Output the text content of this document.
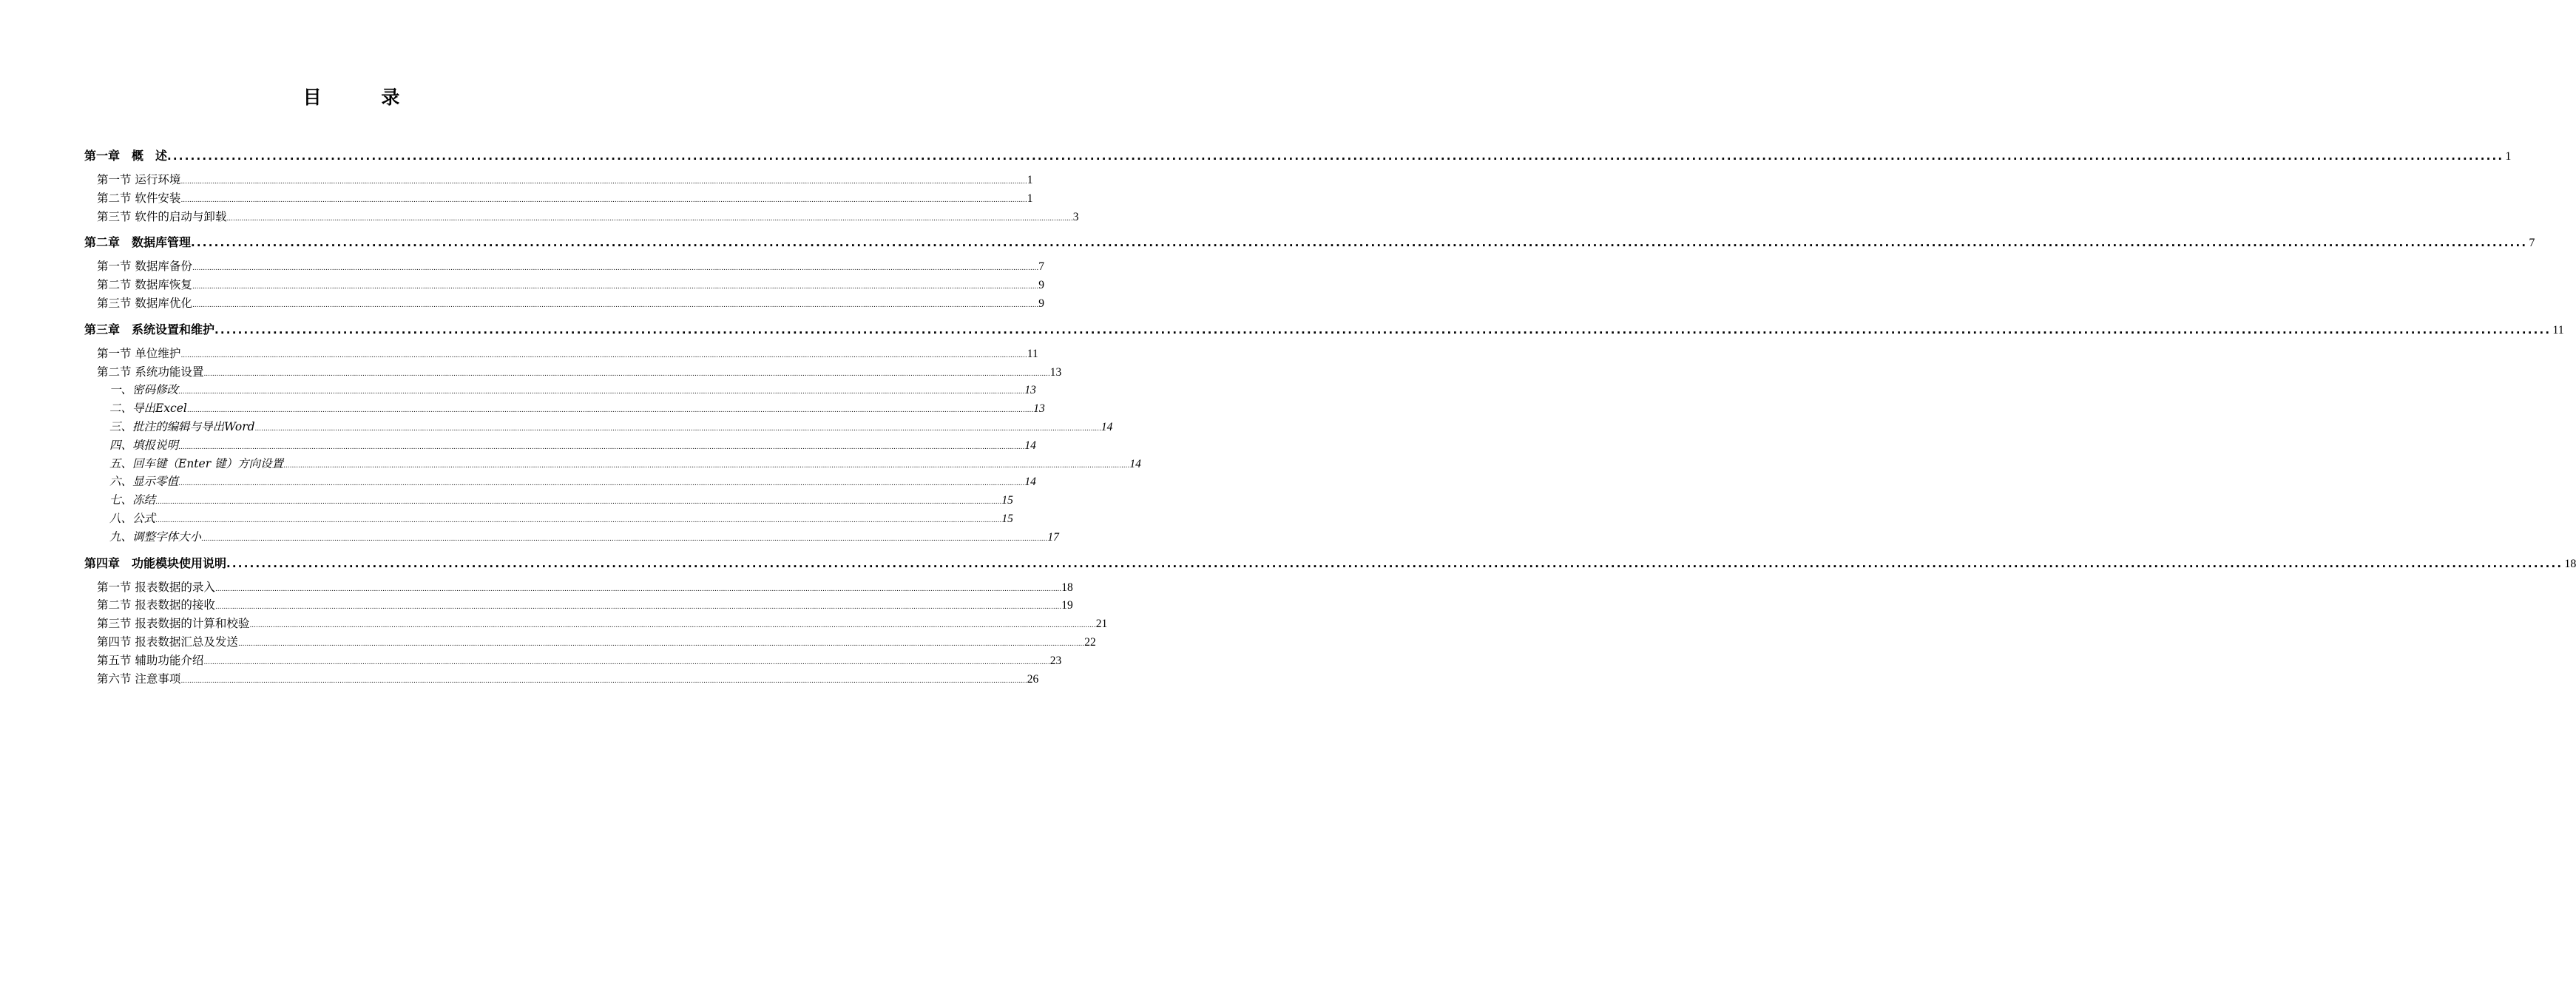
目 录
第一章　概　述 ................................................................................................................................................................................................................................................................................................................................................................................................................ 1
第一节 运行环境 ................................................................................................................................................................................................................................................................................................................................................................................................................ 1
第二节 软件安装 ................................................................................................................................................................................................................................................................................................................................................................................................................ 1
第三节 软件的启动与卸载 ................................................................................................................................................................................................................................................................................................................................................................................................................ 3
第二章　数据库管理 ................................................................................................................................................................................................................................................................................................................................................................................................................ 7
第一节 数据库备份 ................................................................................................................................................................................................................................................................................................................................................................................................................ 7
第二节 数据库恢复 ................................................................................................................................................................................................................................................................................................................................................................................................................ 9
第三节 数据库优化 ................................................................................................................................................................................................................................................................................................................................................................................................................ 9
第三章　系统设置和维护 ................................................................................................................................................................................................................................................................................................................................................................................................................ 11
第一节 单位维护 ................................................................................................................................................................................................................................................................................................................................................................................................................ 11
第二节 系统功能设置 ................................................................................................................................................................................................................................................................................................................................................................................................................ 13
一、密码修改 ................................................................................................................................................................................................................................................................................................................................................................................................................ 13
二、导出Excel ................................................................................................................................................................................................................................................................................................................................................................................................................ 13
三、批注的编辑与导出Word ................................................................................................................................................................................................................................................................................................................................................................................................................ 14
四、填报说明 ................................................................................................................................................................................................................................................................................................................................................................................................................ 14
五、回车键（Enter 键）方向设置 ................................................................................................................................................................................................................................................................................................................................................................................................................ 14
六、显示零值 ................................................................................................................................................................................................................................................................................................................................................................................................................ 14
七、冻结 ................................................................................................................................................................................................................................................................................................................................................................................................................ 15
八、公式 ................................................................................................................................................................................................................................................................................................................................................................................................................ 15
九、调整字体大小 ................................................................................................................................................................................................................................................................................................................................................................................................................ 17
第四章　功能模块使用说明 ................................................................................................................................................................................................................................................................................................................................................................................................................ 18
第一节 报表数据的录入 ................................................................................................................................................................................................................................................................................................................................................................................................................ 18
第二节 报表数据的接收 ................................................................................................................................................................................................................................................................................................................................................................................................................ 19
第三节 报表数据的计算和校验 ................................................................................................................................................................................................................................................................................................................................................................................................................ 21
第四节 报表数据汇总及发送 ................................................................................................................................................................................................................................................................................................................................................................................................................ 22
第五节 辅助功能介绍 ................................................................................................................................................................................................................................................................................................................................................................................................................ 23
第六节 注意事项 ................................................................................................................................................................................................................................................................................................................................................................................................................ 26
